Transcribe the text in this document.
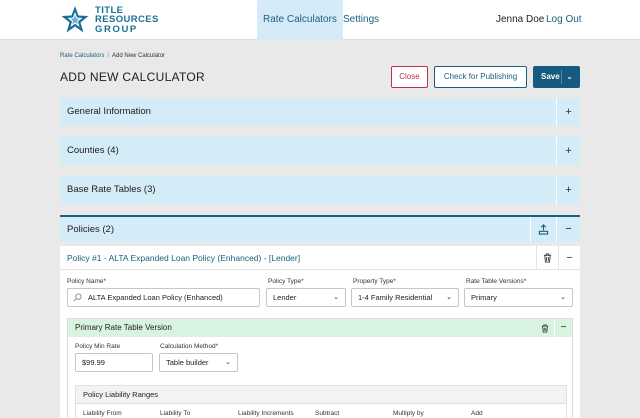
TITLE
RESOURCES
GROUP
Rate Calculators Settings	Jenna Doe Log Out
Rate Calculators / Add New Calculator
ADD NEW CALCULATOR	Close	Check for Publishing	Save ⌄
General Information	+
Counties (4)	+
Base Rate Tables (3)	+
Policies (2)	−
Policy #1 - ALTA Expanded Loan Policy (Enhanced) - [Lender]	−
Policy Name*
ALTA Expanded Loan Policy (Enhanced)
Policy Type*
Lender	⌄
Property Type*
1-4 Family Residential ⌄
Rate Table Versions*
Primary	⌄
Primary Rate Table Version	−
Policy Min Rate
$99.99
Calculation Method*
Table builder ⌄
Policy Liability Ranges
Liability From	Liability To	Liability Increments	Subtract	Multiply by	Add
